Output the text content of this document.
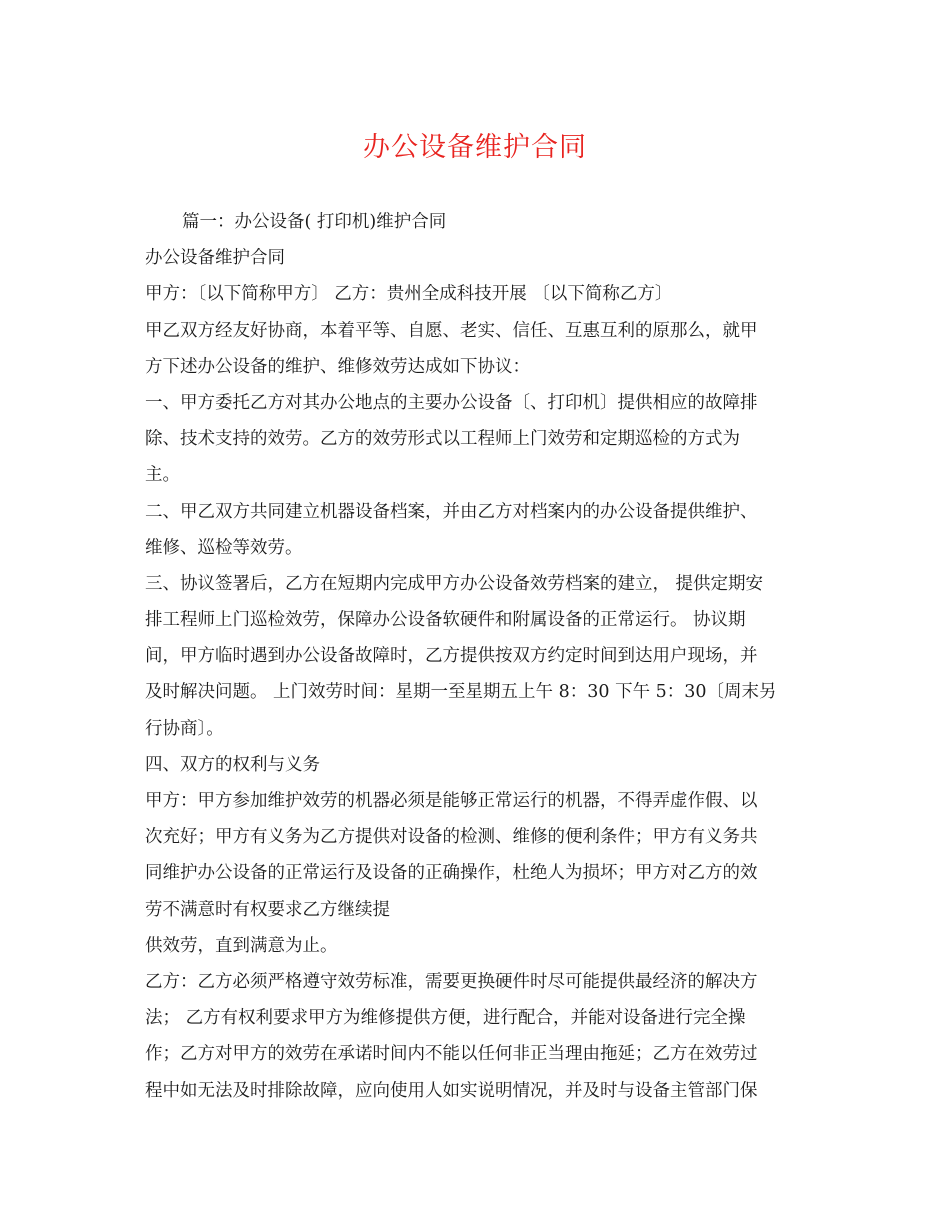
办公设备维护合同
篇一：办公设备( 打印机)维护合同
办公设备维护合同
甲方：〔以下简称甲方〕 乙方：贵州全成科技开展 〔以下简称乙方〕
甲乙双方经友好协商，本着平等、自愿、老实、信任、互惠互利的原那么，就甲
方下述办公设备的维护、维修效劳达成如下协议：
一、甲方委托乙方对其办公地点的主要办公设备〔、打印机〕提供相应的故障排
除、技术支持的效劳。乙方的效劳形式以工程师上门效劳和定期巡检的方式为
主。
二、甲乙双方共同建立机器设备档案，并由乙方对档案内的办公设备提供维护、
维修、巡检等效劳。
三、协议签署后，乙方在短期内完成甲方办公设备效劳档案的建立， 提供定期安
排工程师上门巡检效劳，保障办公设备软硬件和附属设备的正常运行。 协议期
间，甲方临时遇到办公设备故障时，乙方提供按双方约定时间到达用户现场，并
及时解决问题。 上门效劳时间：星期一至星期五上午 8：30 下午 5：30〔周末另
行协商〕。
四、双方的权利与义务
甲方：甲方参加维护效劳的机器必须是能够正常运行的机器，不得弄虚作假、以
次充好；甲方有义务为乙方提供对设备的检测、维修的便利条件；甲方有义务共
同维护办公设备的正常运行及设备的正确操作，杜绝人为损坏；甲方对乙方的效
劳不满意时有权要求乙方继续提
供效劳，直到满意为止。
乙方：乙方必须严格遵守效劳标准，需要更换硬件时尽可能提供最经济的解决方
法； 乙方有权利要求甲方为维修提供方便，进行配合，并能对设备进行完全操
作；乙方对甲方的效劳在承诺时间内不能以任何非正当理由拖延；乙方在效劳过
程中如无法及时排除故障，应向使用人如实说明情况，并及时与设备主管部门保
